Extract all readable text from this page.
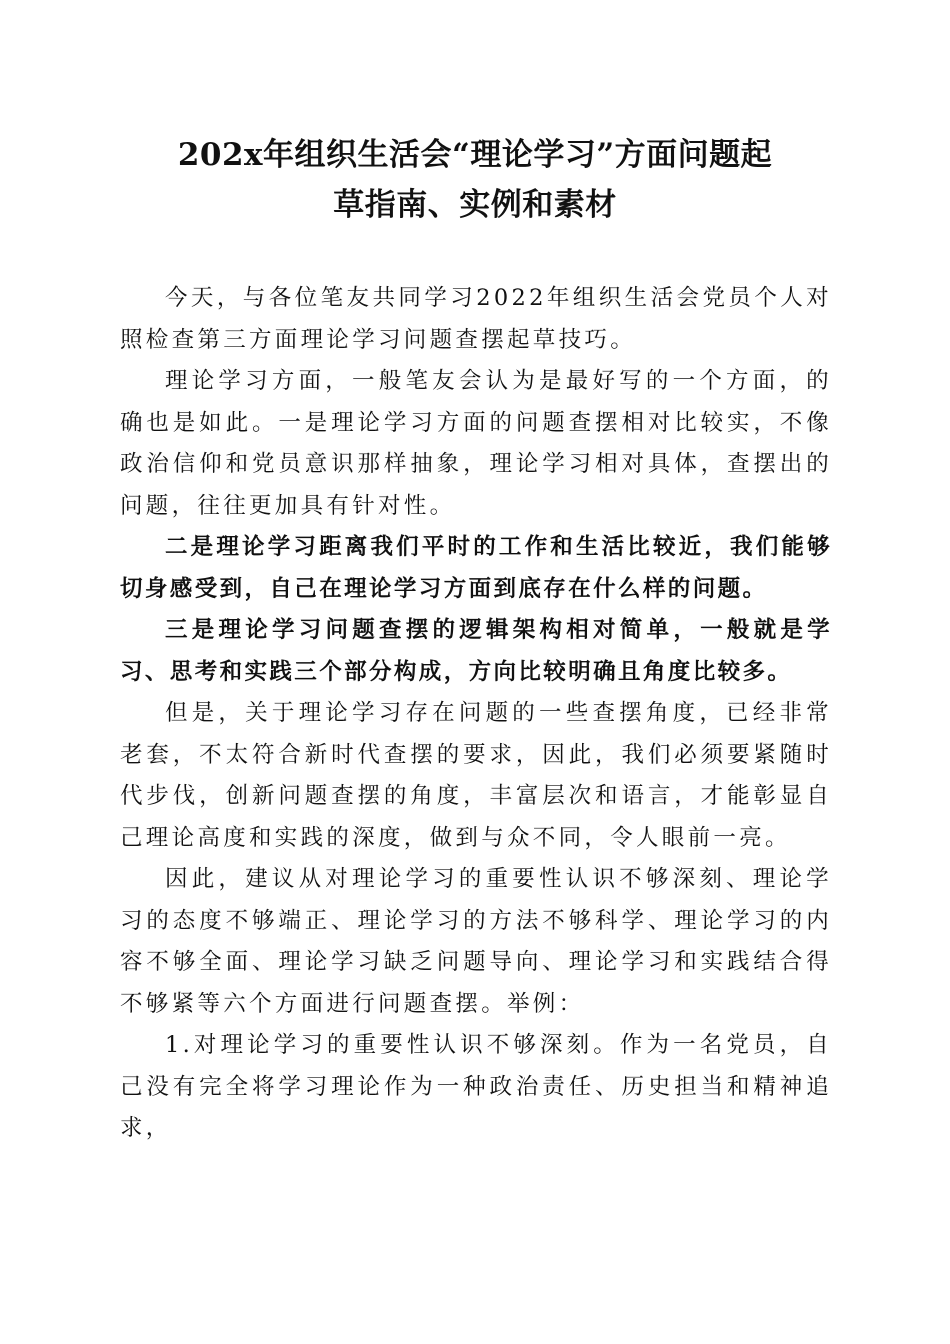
202x年组织生活会“理论学习”方面问题起
草指南、实例和素材

今天，与各位笔友共同学习2022年组织生活会党员个人对照检查第三方面理论学习问题查摆起草技巧。

理论学习方面，一般笔友会认为是最好写的一个方面，的确也是如此。一是理论学习方面的问题查摆相对比较实，不像政治信仰和党员意识那样抽象，理论学习相对具体，查摆出的问题，往往更加具有针对性。

二是理论学习距离我们平时的工作和生活比较近，我们能够切身感受到，自己在理论学习方面到底存在什么样的问题。

三是理论学习问题查摆的逻辑架构相对简单，一般就是学习、思考和实践三个部分构成，方向比较明确且角度比较多。

但是，关于理论学习存在问题的一些查摆角度，已经非常老套，不太符合新时代查摆的要求，因此，我们必须要紧随时代步伐，创新问题查摆的角度，丰富层次和语言，才能彰显自己理论高度和实践的深度，做到与众不同，令人眼前一亮。

因此，建议从对理论学习的重要性认识不够深刻、理论学习的态度不够端正、理论学习的方法不够科学、理论学习的内容不够全面、理论学习缺乏问题导向、理论学习和实践结合得不够紧等六个方面进行问题查摆。举例：

1.对理论学习的重要性认识不够深刻。作为一名党员，自己没有完全将学习理论作为一种政治责任、历史担当和精神追求，
